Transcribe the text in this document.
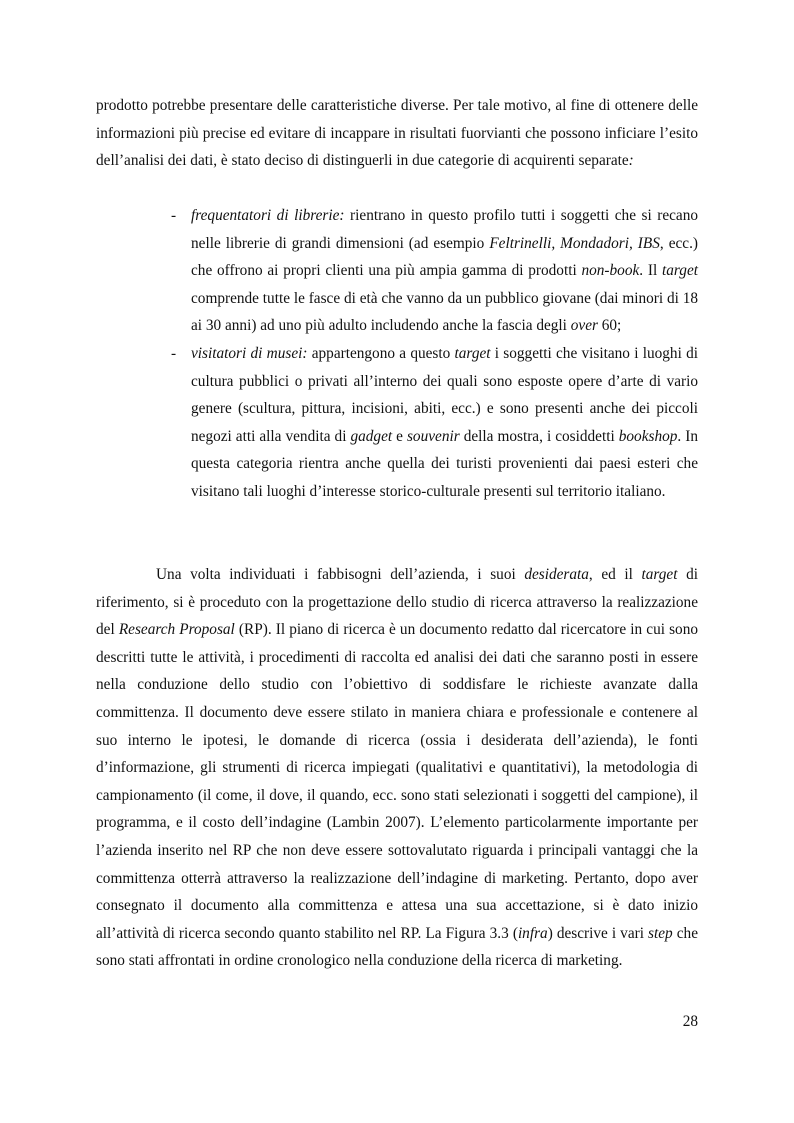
prodotto potrebbe presentare delle caratteristiche diverse. Per tale motivo, al fine di ottenere delle informazioni più precise ed evitare di incappare in risultati fuorvianti che possono inficiare l’esito dell’analisi dei dati, è stato deciso di distinguerli in due categorie di acquirenti separate:

- frequentatori di librerie: rientrano in questo profilo tutti i soggetti che si recano nelle librerie di grandi dimensioni (ad esempio Feltrinelli, Mondadori, IBS, ecc.) che offrono ai propri clienti una più ampia gamma di prodotti non-book. Il target comprende tutte le fasce di età che vanno da un pubblico giovane (dai minori di 18 ai 30 anni) ad uno più adulto includendo anche la fascia degli over 60;
- visitatori di musei: appartengono a questo target i soggetti che visitano i luoghi di cultura pubblici o privati all’interno dei quali sono esposte opere d’arte di vario genere (scultura, pittura, incisioni, abiti, ecc.) e sono presenti anche dei piccoli negozi atti alla vendita di gadget e souvenir della mostra, i cosiddetti bookshop. In questa categoria rientra anche quella dei turisti provenienti dai paesi esteri che visitano tali luoghi d’interesse storico-culturale presenti sul territorio italiano.

Una volta individuati i fabbisogni dell’azienda, i suoi desiderata, ed il target di riferimento, si è proceduto con la progettazione dello studio di ricerca attraverso la realizzazione del Research Proposal (RP). Il piano di ricerca è un documento redatto dal ricercatore in cui sono descritti tutte le attività, i procedimenti di raccolta ed analisi dei dati che saranno posti in essere nella conduzione dello studio con l’obiettivo di soddisfare le richieste avanzate dalla committenza. Il documento deve essere stilato in maniera chiara e professionale e contenere al suo interno le ipotesi, le domande di ricerca (ossia i desiderata dell’azienda), le fonti d’informazione, gli strumenti di ricerca impiegati (qualitativi e quantitativi), la metodologia di campionamento (il come, il dove, il quando, ecc. sono stati selezionati i soggetti del campione), il programma, e il costo dell’indagine (Lambin 2007). L’elemento particolarmente importante per l’azienda inserito nel RP che non deve essere sottovalutato riguarda i principali vantaggi che la committenza otterrà attraverso la realizzazione dell’indagine di marketing. Pertanto, dopo aver consegnato il documento alla committenza e attesa una sua accettazione, si è dato inizio all’attività di ricerca secondo quanto stabilito nel RP. La Figura 3.3 (infra) descrive i vari step che sono stati affrontati in ordine cronologico nella conduzione della ricerca di marketing.

28
